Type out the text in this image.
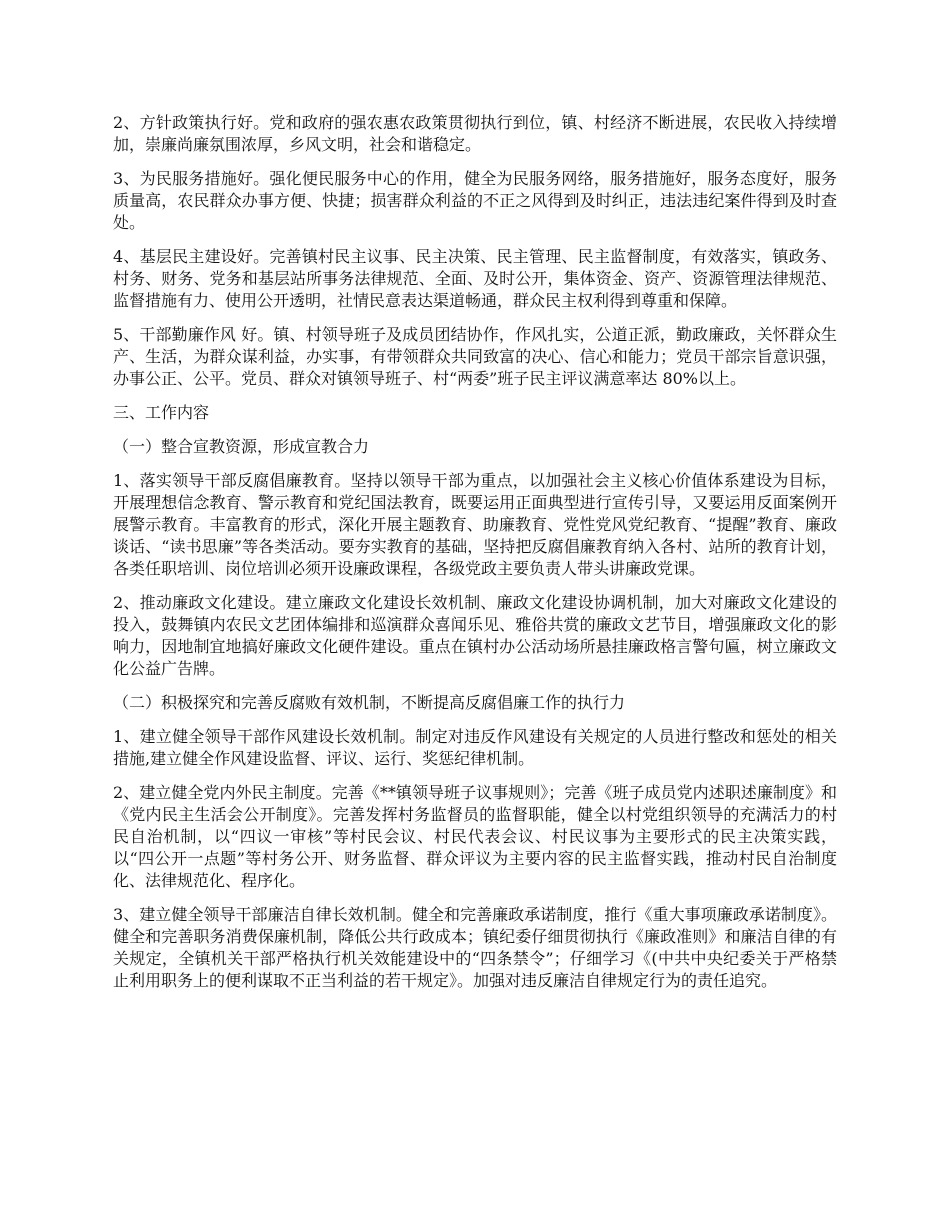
2、方针政策执行好。党和政府的强农惠农政策贯彻执行到位，镇、村经济不断进展，农民收入持续增加，崇廉尚廉氛围浓厚，乡风文明，社会和谐稳定。

3、为民服务措施好。强化便民服务中心的作用，健全为民服务网络，服务措施好，服务态度好，服务质量高，农民群众办事方便、快捷；损害群众利益的不正之风得到及时纠正，违法违纪案件得到及时查处。

4、基层民主建设好。完善镇村民主议事、民主决策、民主管理、民主监督制度，有效落实，镇政务、村务、财务、党务和基层站所事务法律规范、全面、及时公开，集体资金、资产、资源管理法律规范、监督措施有力、使用公开透明，社情民意表达渠道畅通，群众民主权利得到尊重和保障。

5、干部勤廉作风 好。镇、村领导班子及成员团结协作，作风扎实，公道正派，勤政廉政，关怀群众生产、生活，为群众谋利益，办实事，有带领群众共同致富的决心、信心和能力；党员干部宗旨意识强，办事公正、公平。党员、群众对镇领导班子、村“两委”班子民主评议满意率达 80%以上。

三、工作内容

（一）整合宣教资源，形成宣教合力

1、落实领导干部反腐倡廉教育。坚持以领导干部为重点，以加强社会主义核心价值体系建设为目标，开展理想信念教育、警示教育和党纪国法教育，既要运用正面典型进行宣传引导，又要运用反面案例开展警示教育。丰富教育的形式，深化开展主题教育、助廉教育、党性党风党纪教育、“提醒”教育、廉政谈话、“读书思廉”等各类活动。要夯实教育的基础，坚持把反腐倡廉教育纳入各村、站所的教育计划，各类任职培训、岗位培训必须开设廉政课程，各级党政主要负责人带头讲廉政党课。

2、推动廉政文化建设。建立廉政文化建设长效机制、廉政文化建设协调机制，加大对廉政文化建设的投入，鼓舞镇内农民文艺团体编排和巡演群众喜闻乐见、雅俗共赏的廉政文艺节目，增强廉政文化的影响力，因地制宜地搞好廉政文化硬件建设。重点在镇村办公活动场所悬挂廉政格言警句匾，树立廉政文化公益广告牌。

（二）积极探究和完善反腐败有效机制，不断提高反腐倡廉工作的执行力

1、建立健全领导干部作风建设长效机制。制定对违反作风建设有关规定的人员进行整改和惩处的相关措施,建立健全作风建设监督、评议、运行、奖惩纪律机制。

2、建立健全党内外民主制度。完善《**镇领导班子议事规则》；完善《班子成员党内述职述廉制度》和《党内民主生活会公开制度》。完善发挥村务监督员的监督职能，健全以村党组织领导的充满活力的村民自治机制，以“四议一审核”等村民会议、村民代表会议、村民议事为主要形式的民主决策实践，以“四公开一点题”等村务公开、财务监督、群众评议为主要内容的民主监督实践，推动村民自治制度化、法律规范化、程序化。

3、建立健全领导干部廉洁自律长效机制。健全和完善廉政承诺制度，推行《重大事项廉政承诺制度》。健全和完善职务消费保廉机制，降低公共行政成本；镇纪委仔细贯彻执行《廉政准则》和廉洁自律的有关规定，全镇机关干部严格执行机关效能建设中的“四条禁令”；仔细学习《(中共中央纪委关于严格禁止利用职务上的便利谋取不正当利益的若干规定》。加强对违反廉洁自律规定行为的责任追究。
